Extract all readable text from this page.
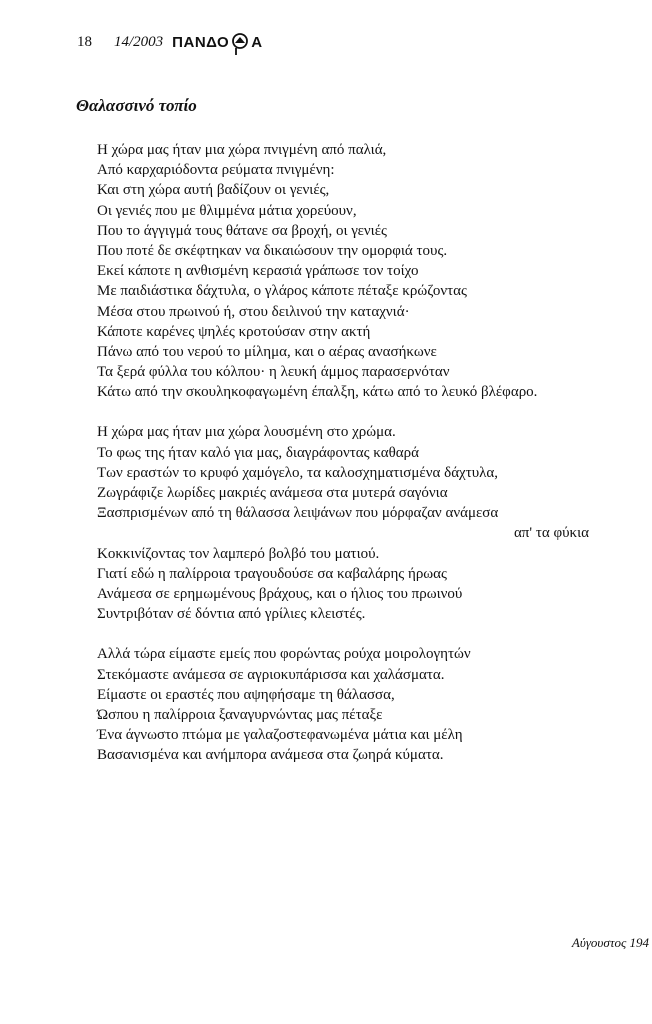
18 14/2003 ΠΑΝΔΟ Α
Θαλασσινό τοπίο
Η χώρα μας ήταν μια χώρα πνιγμένη από παλιά,
Από καρχαριόδοντα ρεύματα πνιγμένη:
Και στη χώρα αυτή βαδίζουν οι γενιές,
Οι γενιές που με θλιμμένα μάτια χορεύουν,
Που το άγγιγμά τους θάτανε σα βροχή, οι γενιές
Που ποτέ δε σκέφτηκαν να δικαιώσουν την ομορφιά τους.
Εκεί κάποτε η ανθισμένη κερασιά γράπωσε τον τοίχο
Με παιδιάστικα δάχτυλα, ο γλάρος κάποτε πέταξε κρώζοντας
Μέσα στου πρωινού ή, στου δειλινού την καταχνιά·
Κάποτε καρένες ψηλές κροτούσαν στην ακτή
Πάνω από του νερού το μίλημα, και ο αέρας ανασήκωνε
Τα ξερά φύλλα του κόλπου· η λευκή άμμος παρασερνόταν
Κάτω από την σκουληκοφαγωμένη έπαλξη, κάτω από το λευκό βλέφαρο.
Η χώρα μας ήταν μια χώρα λουσμένη στο χρώμα.
Το φως της ήταν καλό για μας, διαγράφοντας καθαρά
Των εραστών το κρυφό χαμόγελο, τα καλοσχηματισμένα δάχτυλα,
Ζωγράφιζε λωρίδες μακριές ανάμεσα στα μυτερά σαγόνια
Ξασπρισμένων από τη θάλασσα λειψάνων που μόρφαζαν ανάμεσα
απ' τα φύκια
Κοκκινίζοντας τον λαμπερό βολβό του ματιού.
Γιατί εδώ η παλίρροια τραγουδούσε σα καβαλάρης ήρωας
Ανάμεσα σε ερημωμένους βράχους, και ο ήλιος του πρωινού
Συντριβόταν σέ δόντια από γρίλιες κλειστές.
Αλλά τώρα είμαστε εμείς που φορώντας ρούχα μοιρολογητών
Στεκόμαστε ανάμεσα σε αγριοκυπάρισσα και χαλάσματα.
Είμαστε οι εραστές που αψηφήσαμε τη θάλασσα,
Ώσπου η παλίρροια ξαναγυρνώντας μας πέταξε
Ένα άγνωστο πτώμα με γαλαζοστεφανωμένα μάτια και μέλη
Βασανισμένα και ανήμπορα ανάμεσα στα ζωηρά κύματα.
Αύγουστος 194
